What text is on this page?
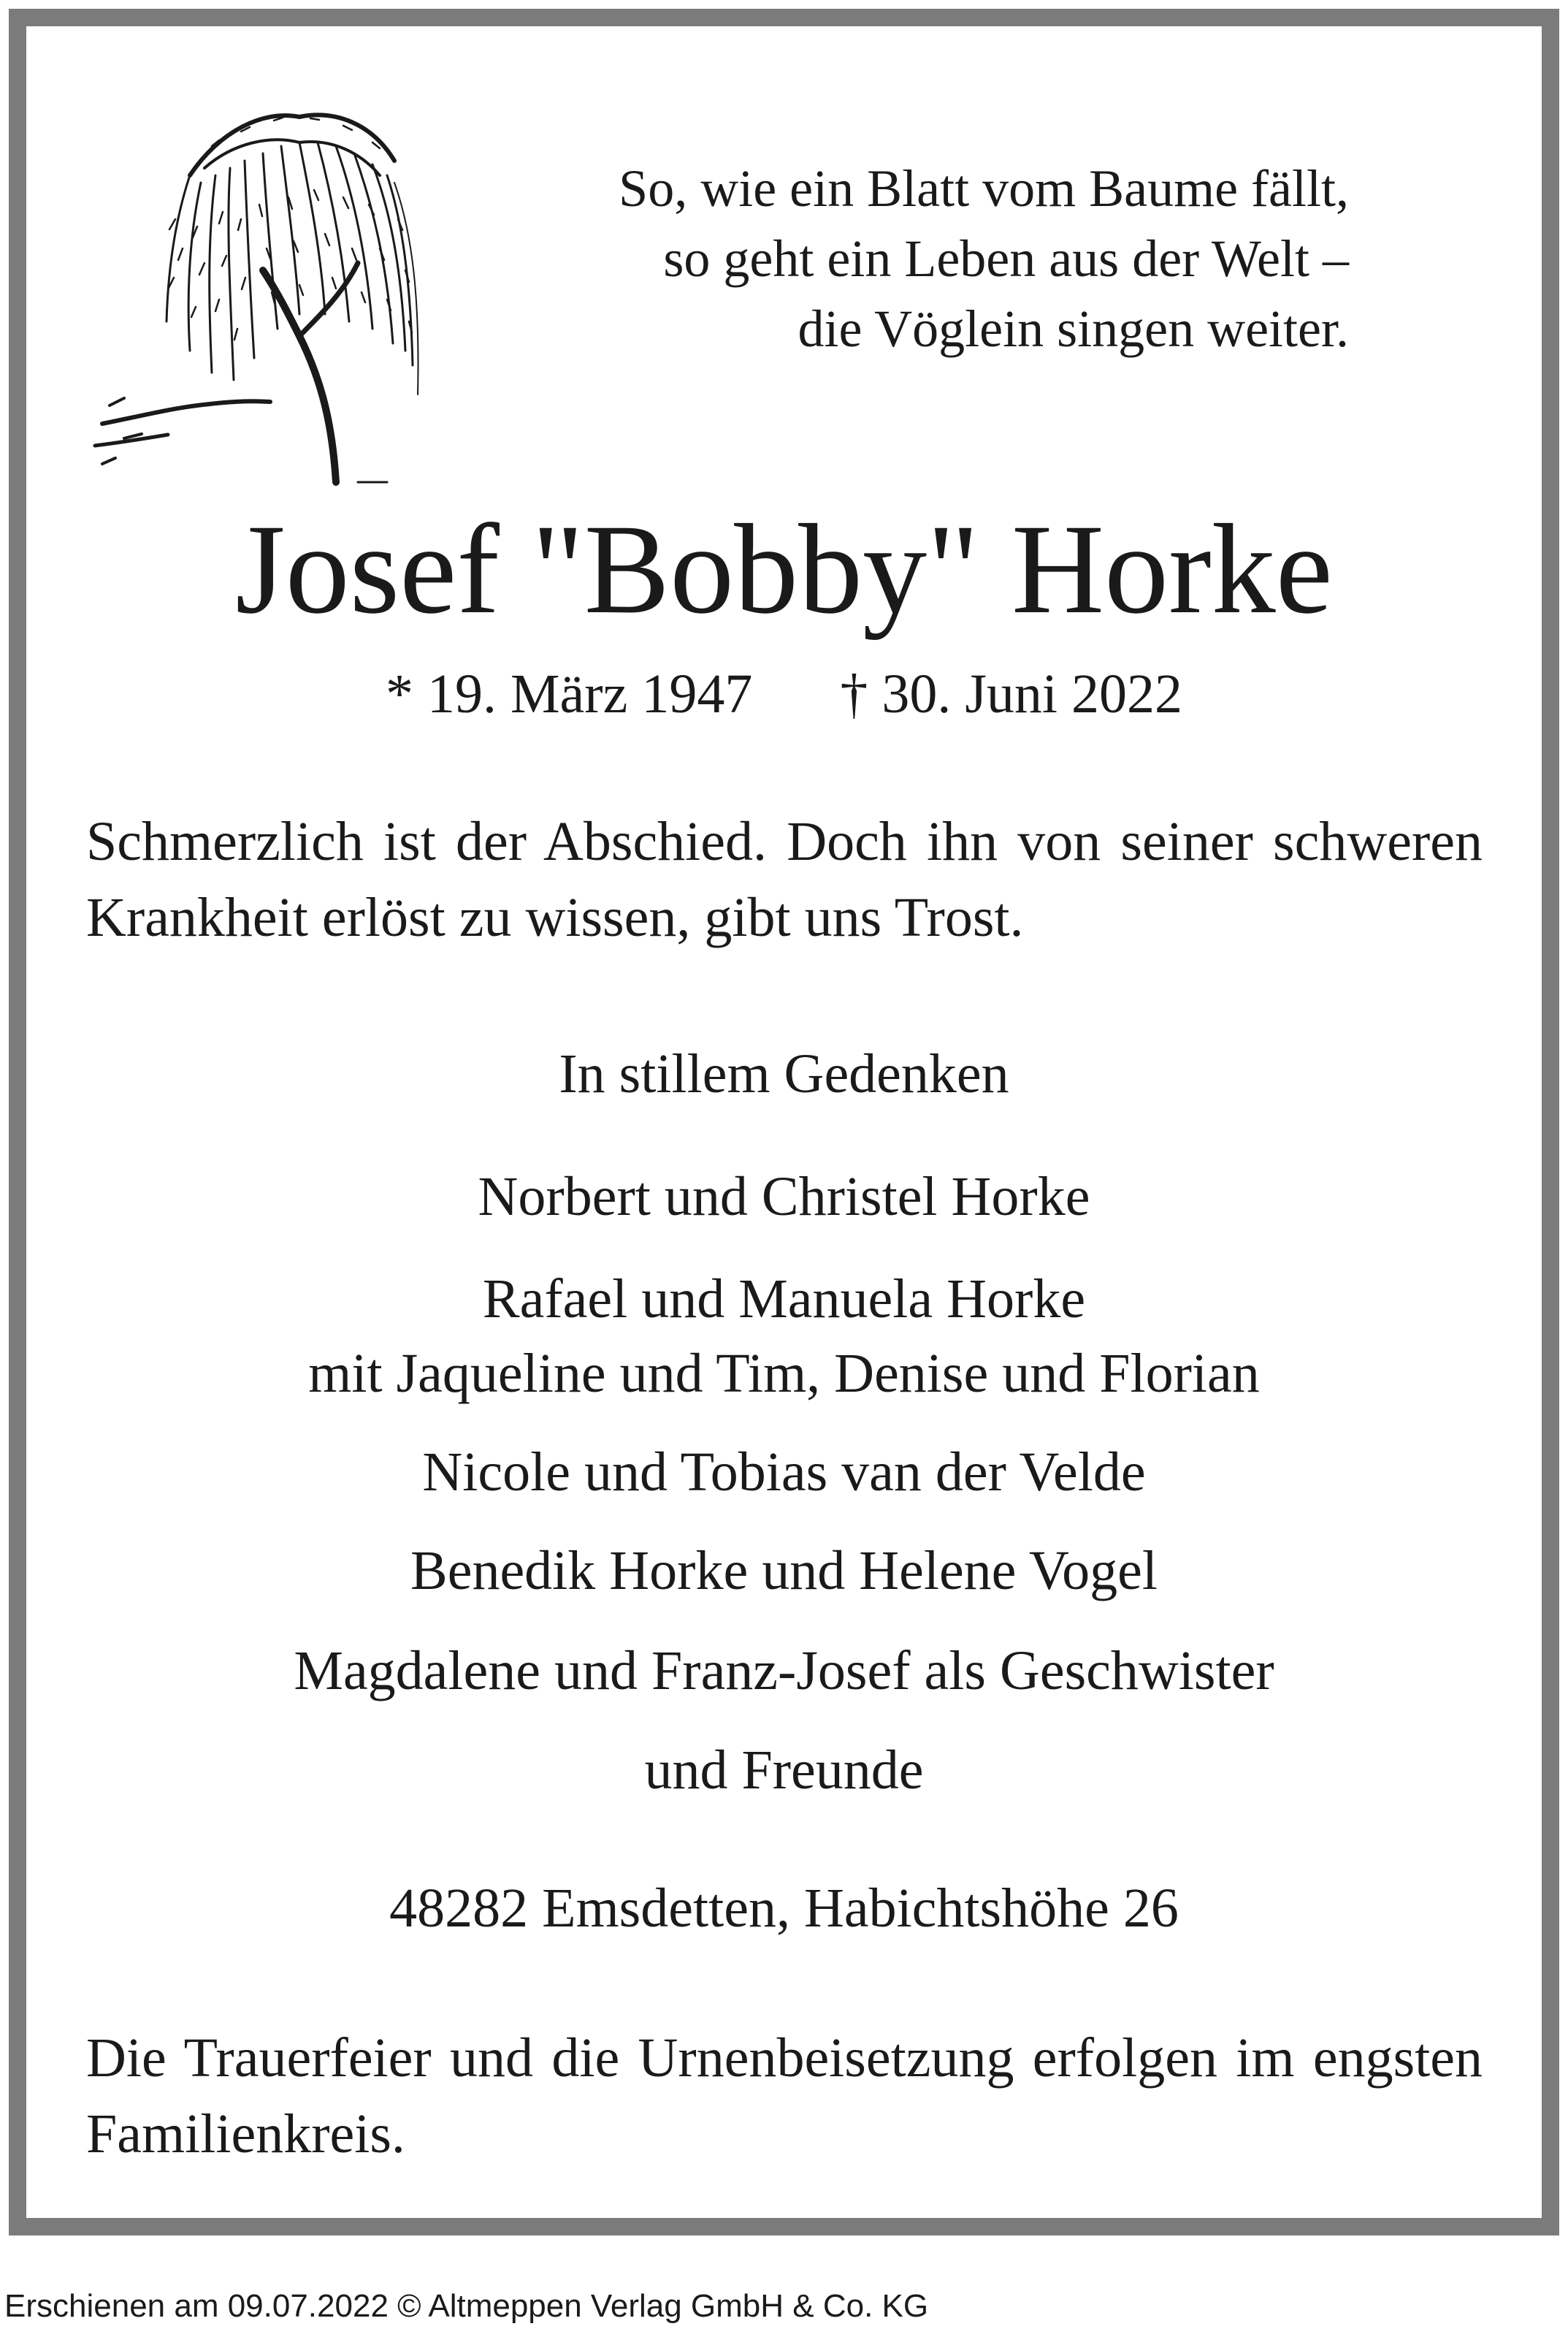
So, wie ein Blatt vom Baume fällt,
so geht ein Leben aus der Welt –
die Vöglein singen weiter.
Josef "Bobby" Horke
* 19. März 1947 † 30. Juni 2022
Schmerzlich ist der Abschied. Doch ihn von seiner schweren Krankheit erlöst zu wissen, gibt uns Trost.
In stillem Gedenken
Norbert und Christel Horke
Rafael und Manuela Horke
mit Jaqueline und Tim, Denise und Florian
Nicole und Tobias van der Velde
Benedik Horke und Helene Vogel
Magdalene und Franz-Josef als Geschwister
und Freunde
48282 Emsdetten, Habichtshöhe 26
Die Trauerfeier und die Urnenbeisetzung erfolgen im engsten Familienkreis.
Erschienen am 09.07.2022 © Altmeppen Verlag GmbH & Co. KG
